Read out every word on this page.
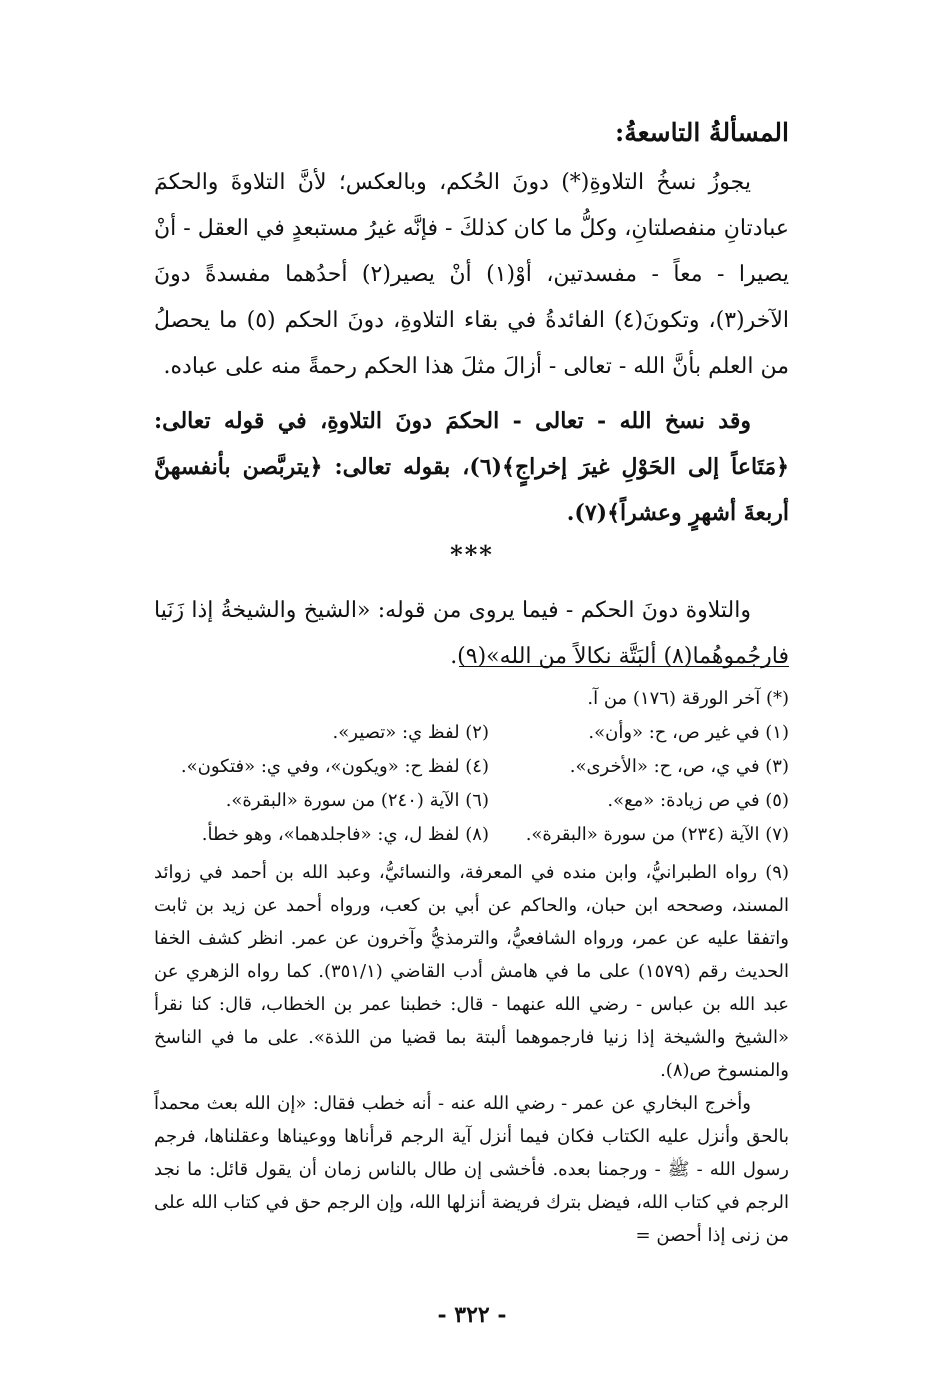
المسألةُ التاسعةُ:
يجوزُ نسخُ التلاوةِ(*) دونَ الحُكم، وبالعكس؛ لأنَّ التلاوةَ والحكمَ عبادتانِ منفصلتانِ، وكلُّ ما كان كذلكَ - فإنَّه غيرُ مستبعدٍ في العقل - أنْ يصيرا - معاً - مفسدتين، أوْ(١) أنْ يصير(٢) أحدُهما مفسدةً دونَ الآخر(٣)، وتكونَ(٤) الفائدةُ في بقاء التلاوةِ، دونَ الحكم (٥) ما يحصلُ من العلم بأنَّ الله - تعالى - أزالَ مثلَ هذا الحكم رحمةً منه على عباده.
وقد نسخ الله - تعالى - الحكمَ دونَ التلاوةِ، في قوله تعالى: ﴿مَتَاعاً إلى الحَوْلِ غيرَ إخراجٍ﴾(٦)، بقوله تعالى: ﴿يتربَّصن بأنفسهنَّ أربعةَ أشهرٍ وعشراً﴾(٧).
***
والتلاوة دونَ الحكم - فيما يروى من قوله: «الشيخ والشيخةُ إذا زَنَيا فارجُموهُما(٨) ألبَتَّة نكالاً من الله»(٩).
(*) آخر الورقة (١٧٦) من آ.
(١) في غير ص، ح: «وأن».
(٢) لفظ ي: «تصير».
(٣) في ي، ص، ح: «الأخرى».
(٤) لفظ ح: «ويكون»، وفي ي: «فتكون».
(٥) في ص زيادة: «مع».
(٦) الآية (٢٤٠) من سورة «البقرة».
(٧) الآية (٢٣٤) من سورة «البقرة».
(٨) لفظ ل، ي: «فاجلدهما»، وهو خطأ.
(٩) رواه الطبرانيُّ، وابن منده في المعرفة، والنسائيُّ، وعبد الله بن أحمد في زوائد المسند، وصححه ابن حبان، والحاكم عن أبي بن كعب، ورواه أحمد عن زيد بن ثابت واتفقا عليه عن عمر، ورواه الشافعيُّ، والترمذيُّ وآخرون عن عمر. انظر كشف الخفا الحديث رقم (١٥٧٩) على ما في هامش أدب القاضي (٣٥١/١). كما رواه الزهري عن عبد الله بن عباس - رضي الله عنهما - قال: خطبنا عمر بن الخطاب، قال: كنا نقرأ «الشيخ والشيخة إذا زنيا فارجموهما ألبتة بما قضيا من اللذة». على ما في الناسخ والمنسوخ ص(٨).
وأخرج البخاري عن عمر - رضي الله عنه - أنه خطب فقال: «إن الله بعث محمداً بالحق وأنزل عليه الكتاب فكان فيما أنزل آية الرجم قرأناها ووعيناها وعقلناها، فرجم رسول الله - ﷺ - ورجمنا بعده. فأخشى إن طال بالناس زمان أن يقول قائل: ما نجد الرجم في كتاب الله، فيضل بترك فريضة أنزلها الله، وإن الرجم حق في كتاب الله على من زنى إذا أحصن =
- ٣٢٢ -
